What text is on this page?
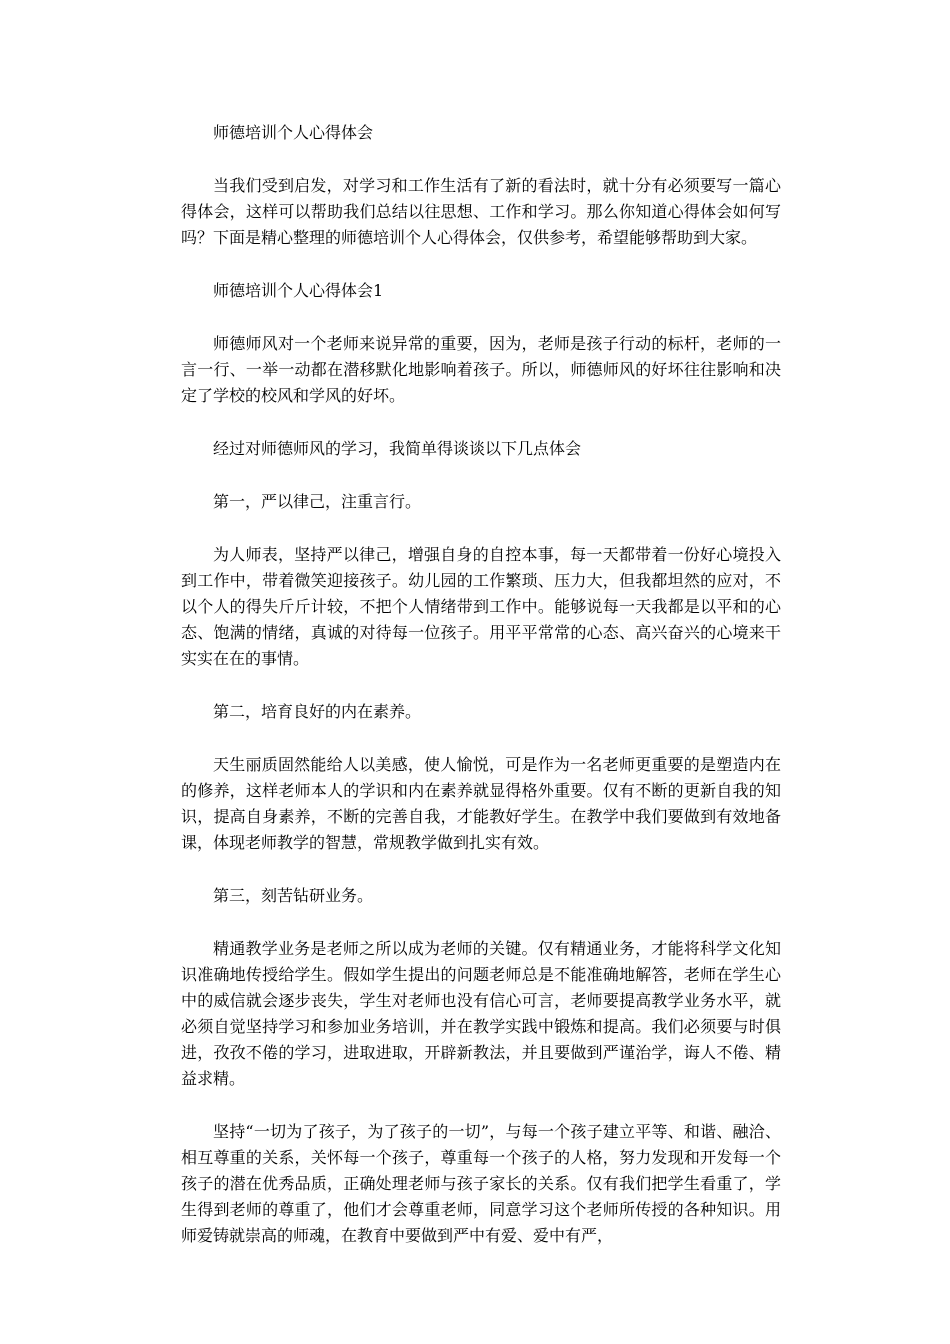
师德培训个人心得体会

当我们受到启发，对学习和工作生活有了新的看法时，就十分有必须要写一篇心得体会，这样可以帮助我们总结以往思想、工作和学习。那么你知道心得体会如何写吗？下面是精心整理的师德培训个人心得体会，仅供参考，希望能够帮助到大家。

师德培训个人心得体会1

师德师风对一个老师来说异常的重要，因为，老师是孩子行动的标杆，老师的一言一行、一举一动都在潜移默化地影响着孩子。所以，师德师风的好坏往往影响和决定了学校的校风和学风的好坏。

经过对师德师风的学习，我简单得谈谈以下几点体会

第一，严以律己，注重言行。

为人师表，坚持严以律己，增强自身的自控本事，每一天都带着一份好心境投入到工作中，带着微笑迎接孩子。幼儿园的工作繁琐、压力大，但我都坦然的应对，不以个人的得失斤斤计较，不把个人情绪带到工作中。能够说每一天我都是以平和的心态、饱满的情绪，真诚的对待每一位孩子。用平平常常的心态、高兴奋兴的心境来干实实在在的事情。

第二，培育良好的内在素养。

天生丽质固然能给人以美感，使人愉悦，可是作为一名老师更重要的是塑造内在的修养，这样老师本人的学识和内在素养就显得格外重要。仅有不断的更新自我的知识，提高自身素养，不断的完善自我，才能教好学生。在教学中我们要做到有效地备课，体现老师教学的智慧，常规教学做到扎实有效。

第三，刻苦钻研业务。

精通教学业务是老师之所以成为老师的关键。仅有精通业务，才能将科学文化知识准确地传授给学生。假如学生提出的问题老师总是不能准确地解答，老师在学生心中的威信就会逐步丧失，学生对老师也没有信心可言，老师要提高教学业务水平，就必须自觉坚持学习和参加业务培训，并在教学实践中锻炼和提高。我们必须要与时俱进，孜孜不倦的学习，进取进取，开辟新教法，并且要做到严谨治学，诲人不倦、精益求精。

坚持“一切为了孩子，为了孩子的一切”，与每一个孩子建立平等、和谐、融洽、相互尊重的关系，关怀每一个孩子，尊重每一个孩子的人格，努力发现和开发每一个孩子的潜在优秀品质，正确处理老师与孩子家长的关系。仅有我们把学生看重了，学生得到老师的尊重了，他们才会尊重老师，同意学习这个老师所传授的各种知识。用师爱铸就崇高的师魂，在教育中要做到严中有爱、爱中有严，
